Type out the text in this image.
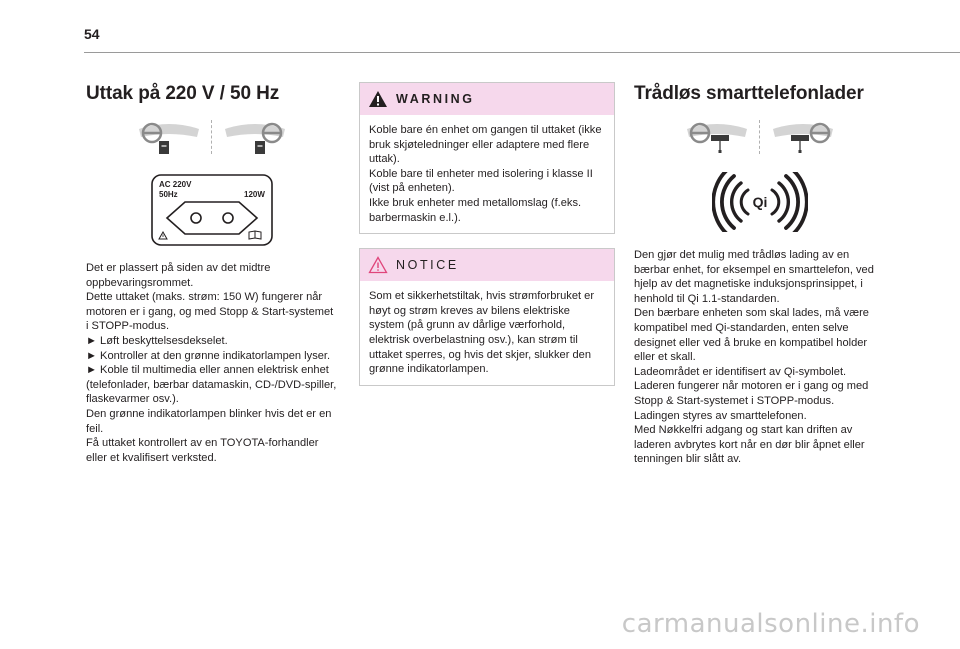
54
Uttak på 220 V / 50 Hz
AC 220V
50Hz	120W

Det er plassert på siden av det midtre oppbevaringsrommet.
Dette uttaket (maks. strøm: 150 W) fungerer når motoren er i gang, og med Stopp & Start-systemet i STOPP-modus.
► Løft beskyttelsesdekselet.
► Kontroller at den grønne indikatorlampen lyser.
► Koble til multimedia eller annen elektrisk enhet (telefonlader, bærbar datamaskin, CD-/DVD-spiller, flaskevarmer osv.).
Den grønne indikatorlampen blinker hvis det er en feil.
Få uttaket kontrollert av en TOYOTA-forhandler eller et kvalifisert verksted.

WARNING

Koble bare én enhet om gangen til uttaket (ikke bruk skjøteledninger eller adaptere med flere uttak).
Koble bare til enheter med isolering i klasse II (vist på enheten).
Ikke bruk enheter med metallomslag (f.eks. barbermaskin e.l.).

NOTICE

Som et sikkerhetstiltak, hvis strømforbruket er høyt og strøm kreves av bilens elektriske system (på grunn av dårlige værforhold, elektrisk overbelastning osv.), kan strøm til uttaket sperres, og hvis det skjer, slukker den grønne indikatorlampen.

Trådløs smarttelefonlader
Qi

Den gjør det mulig med trådløs lading av en bærbar enhet, for eksempel en smarttelefon, ved hjelp av det magnetiske induksjonsprinsippet, i henhold til Qi 1.1-standarden.
Den bærbare enheten som skal lades, må være kompatibel med Qi-standarden, enten selve designet eller ved å bruke en kompatibel holder eller et skall.
Ladeområdet er identifisert av Qi-symbolet.
Laderen fungerer når motoren er i gang og med Stopp & Start-systemet i STOPP-modus.
Ladingen styres av smarttelefonen.
Med Nøkkelfri adgang og start kan driften av laderen avbrytes kort når en dør blir åpnet eller tenningen blir slått av.

carmanualsonline.info
